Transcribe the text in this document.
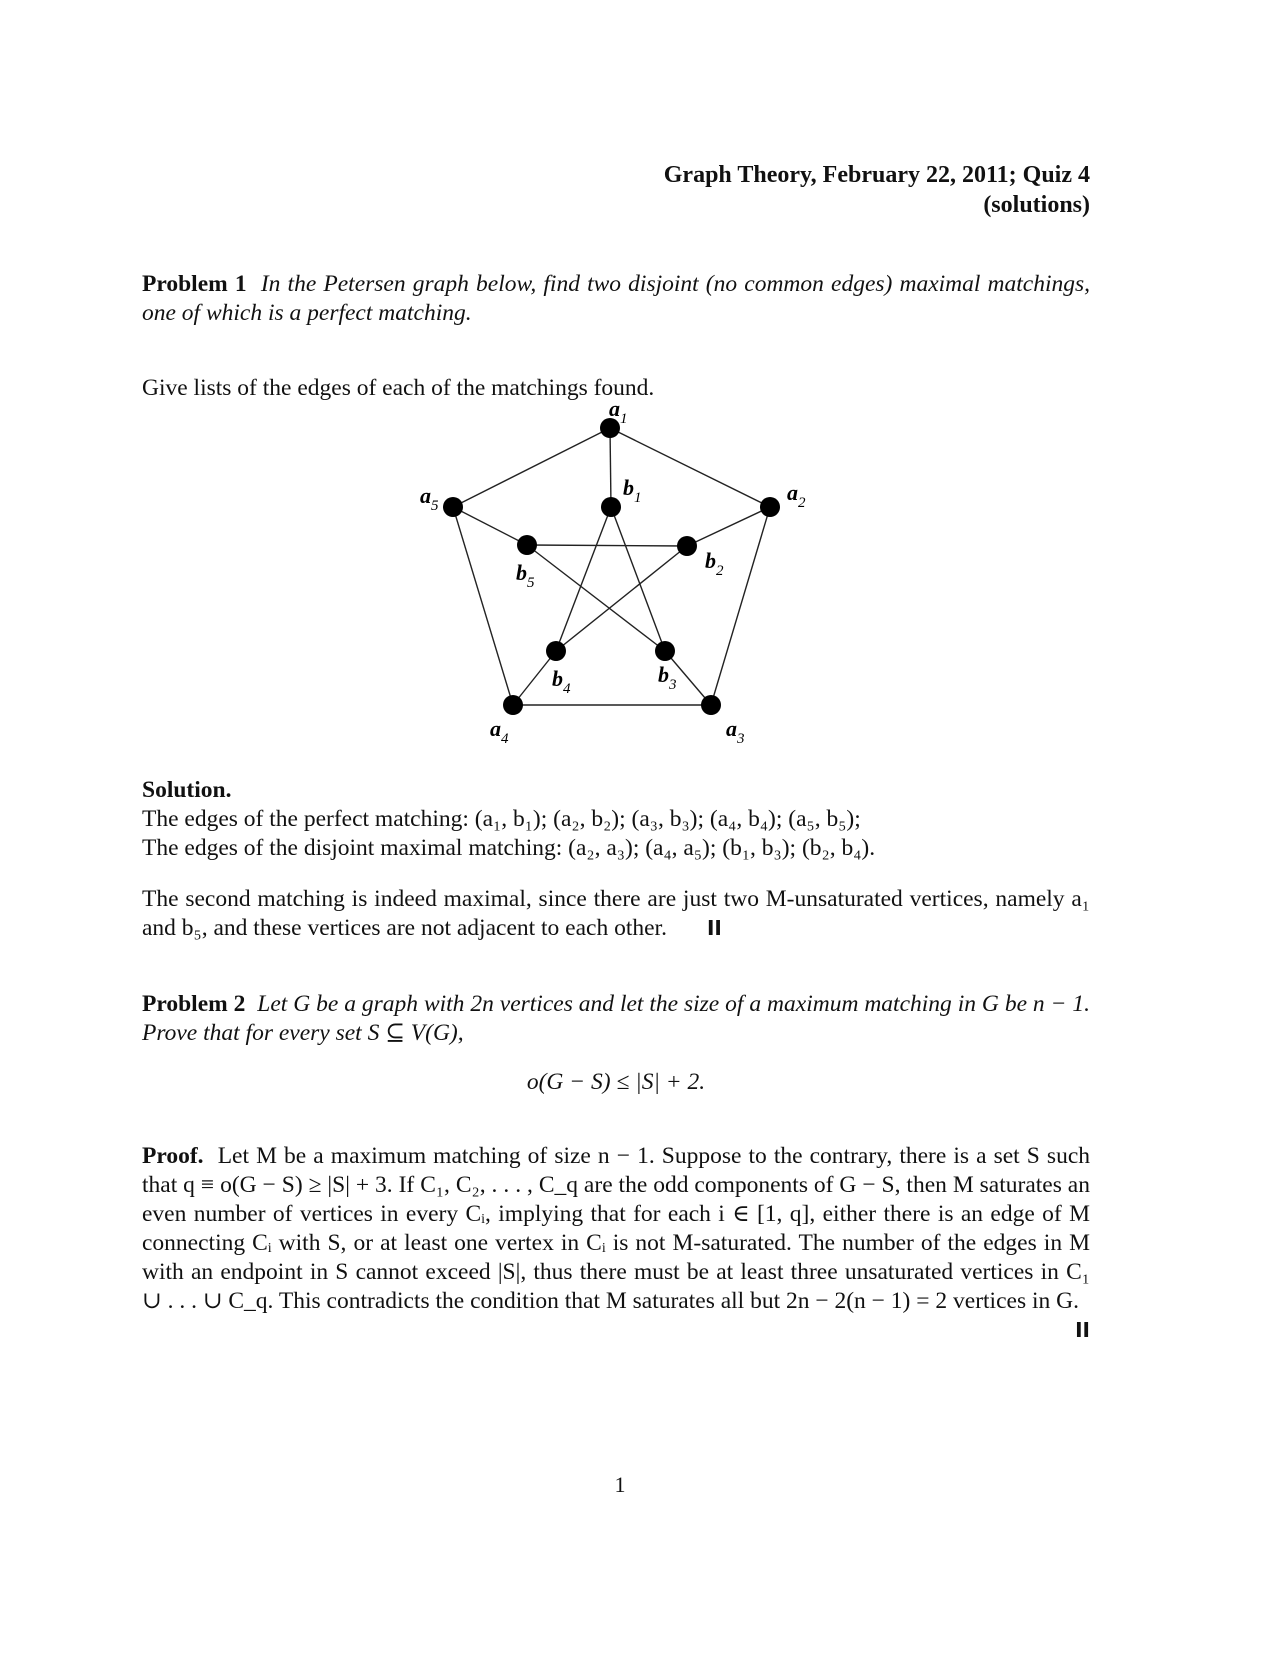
Graph Theory, February 22, 2011; Quiz 4
(solutions)
Problem 1 In the Petersen graph below, find two disjoint (no common edges) maximal matchings, one of which is a perfect matching.
Give lists of the edges of each of the matchings found.
a1
a2
a3
a4
a5
b1
b2
b3
b4
b5
Solution.
The edges of the perfect matching: (a₁, b₁); (a₂, b₂); (a₃, b₃); (a₄, b₄); (a₅, b₅);
The edges of the disjoint maximal matching: (a₂, a₃); (a₄, a₅); (b₁, b₃); (b₂, b₄).
The second matching is indeed maximal, since there are just two M-unsaturated vertices, namely a₁ and b₅, and these vertices are not adjacent to each other. II
Problem 2 Let G be a graph with 2n vertices and let the size of a maximum matching in G be n − 1. Prove that for every set S ⊆ V(G),
o(G − S) ≤ |S| + 2.
Proof. Let M be a maximum matching of size n − 1. Suppose to the contrary, there is a set S such that q ≡ o(G − S) ≥ |S| + 3. If C₁, C₂, . . . , C_q are the odd components of G − S, then M saturates an even number of vertices in every Cᵢ, implying that for each i ∈ [1, q], either there is an edge of M connecting Cᵢ with S, or at least one vertex in Cᵢ is not M-saturated. The number of the edges in M with an endpoint in S cannot exceed |S|, thus there must be at least three unsaturated vertices in C₁ ∪ . . . ∪ C_q. This contradicts the condition that M saturates all but 2n − 2(n − 1) = 2 vertices in G.
II
1
